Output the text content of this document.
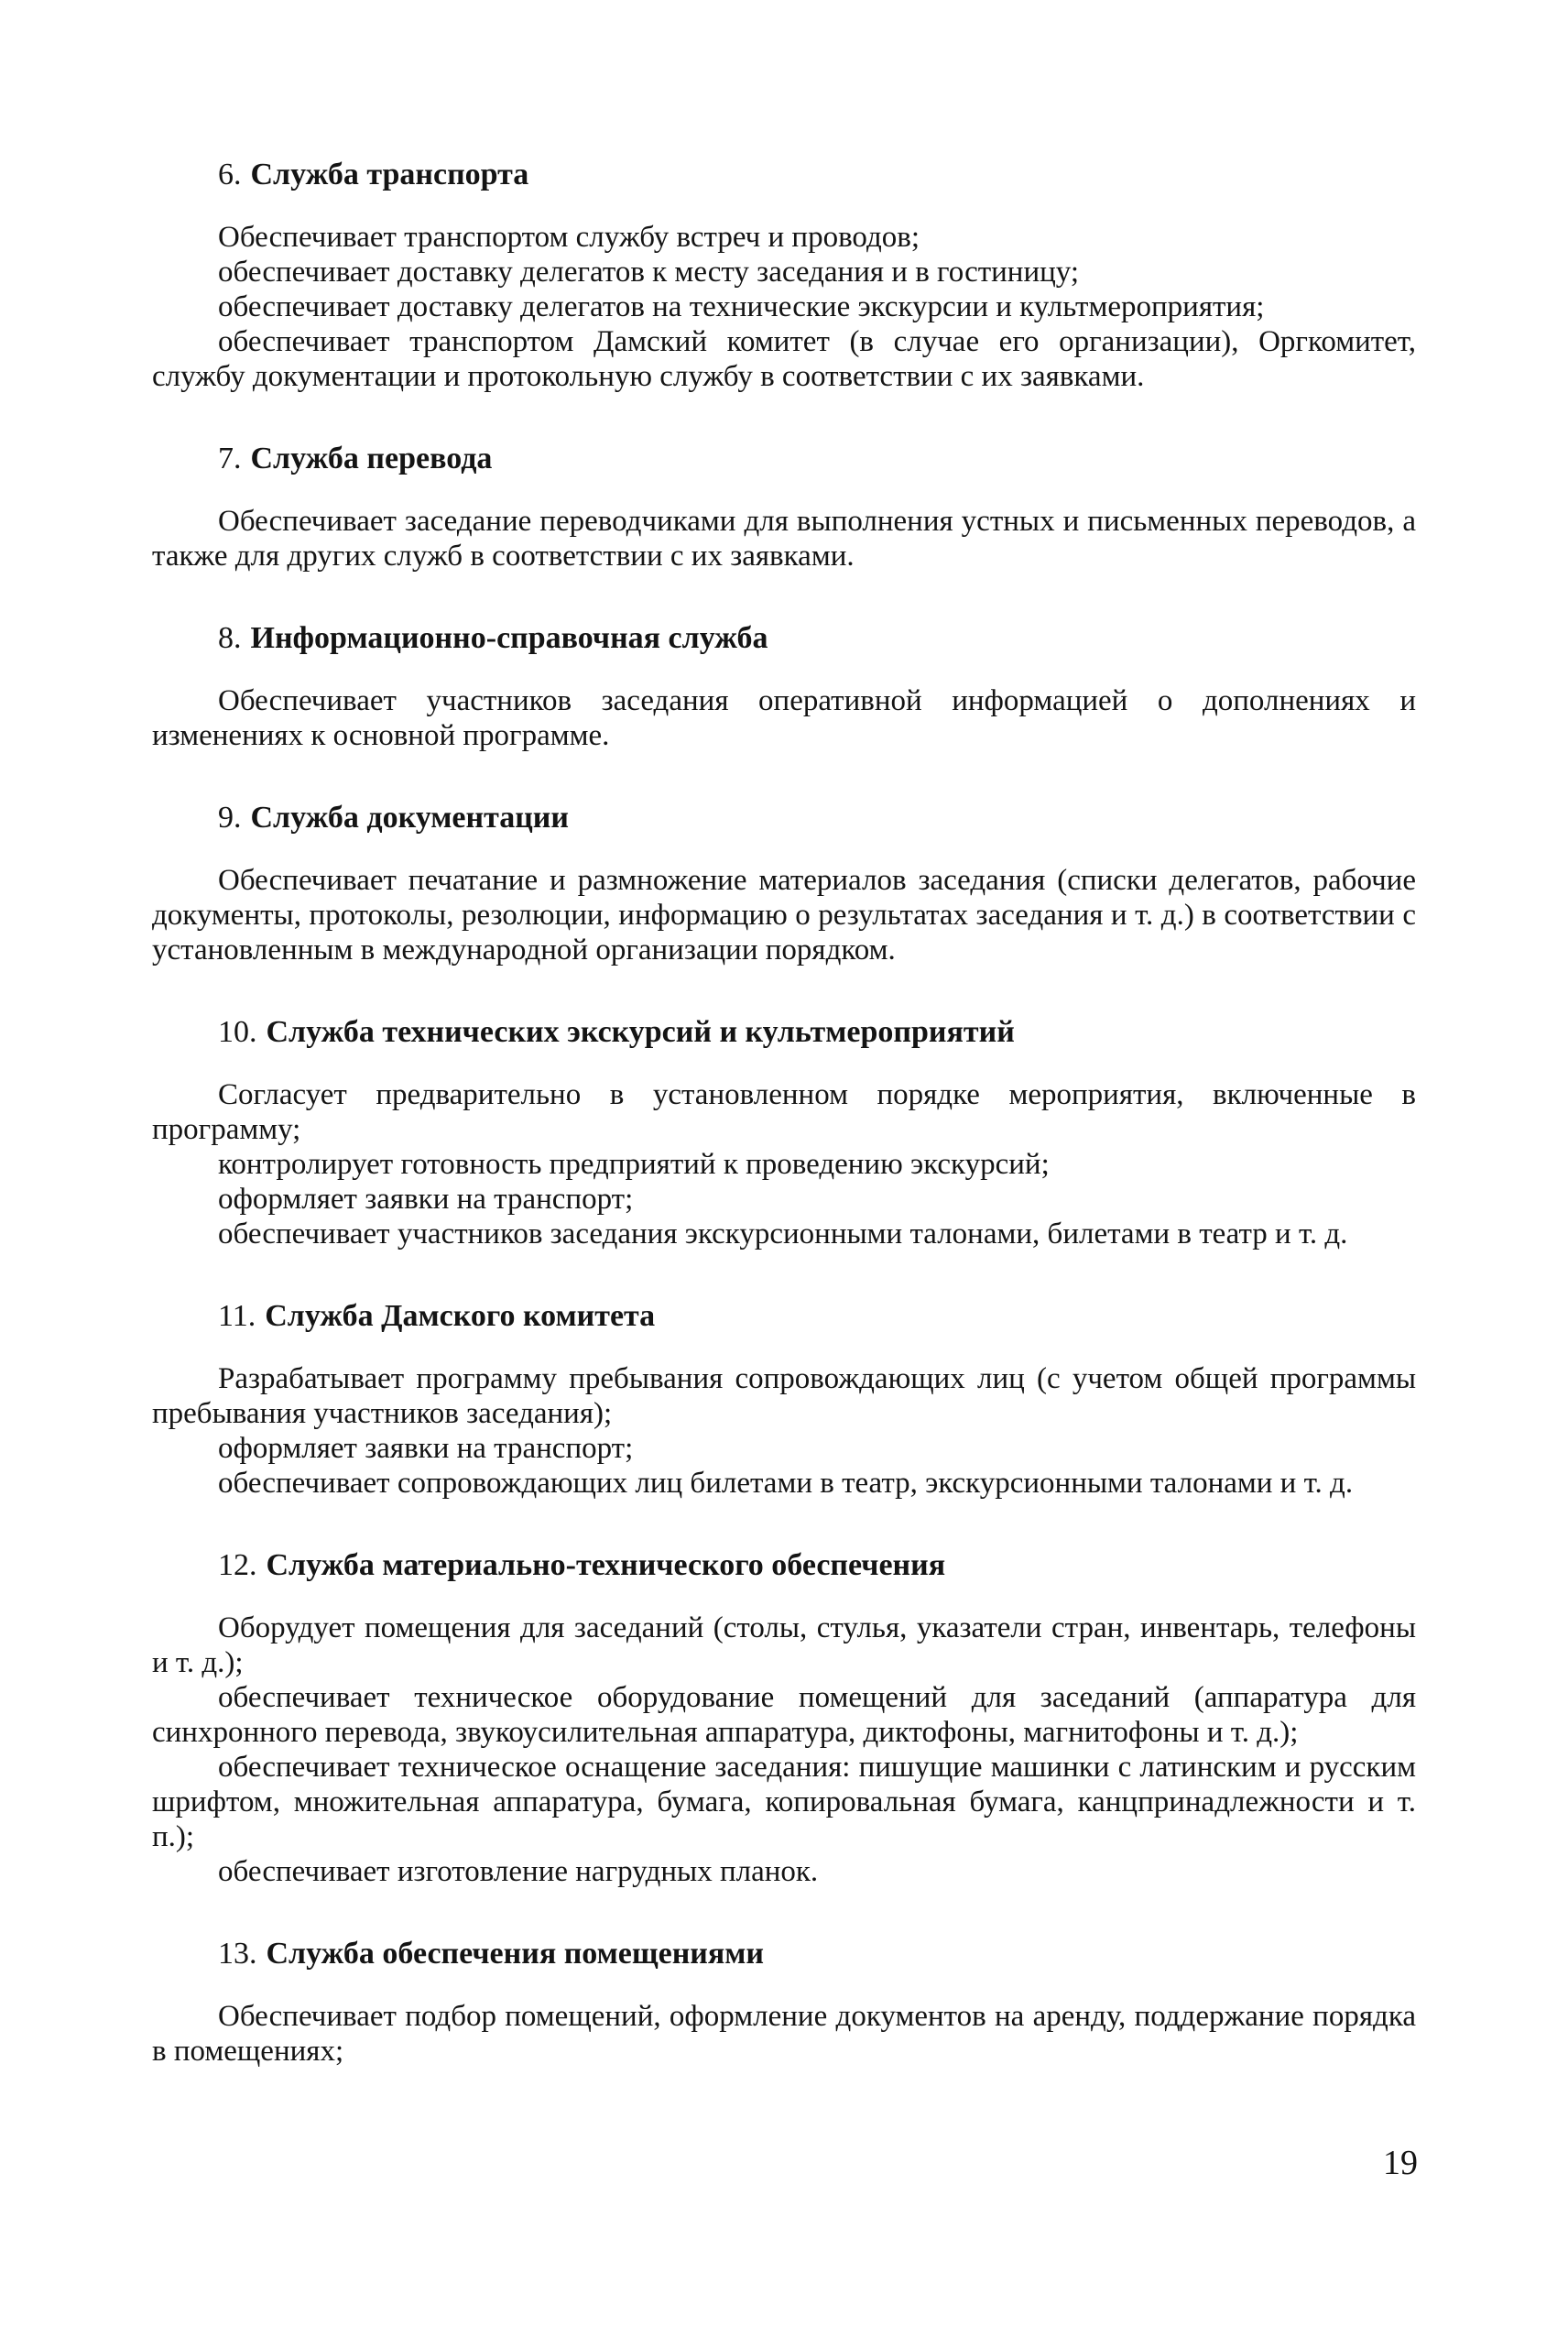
6. Служба транспорта

Обеспечивает транспортом службу встреч и проводов;

обеспечивает доставку делегатов к месту заседания и в гостиницу;

обеспечивает доставку делегатов на технические экскурсии и культмероприятия;

обеспечивает транспортом Дамский комитет (в случае его организации), Оргкомитет, службу документации и протокольную службу в соответствии с их заявками.

7. Служба перевода

Обеспечивает заседание переводчиками для выполнения устных и письменных переводов, а также для других служб в соответствии с их заявками.

8. Информационно-справочная служба

Обеспечивает участников заседания оперативной информацией о дополнениях и изменениях к основной программе.

9. Служба документации

Обеспечивает печатание и размножение материалов заседания (списки делегатов, рабочие документы, протоколы, резолюции, информацию о результатах заседания и т. д.) в соответствии с установленным в международной организации порядком.

10. Служба технических экскурсий и культмероприятий

Согласует предварительно в установленном порядке мероприятия, включенные в программу;

контролирует готовность предприятий к проведению экскурсий;

оформляет заявки на транспорт;

обеспечивает участников заседания экскурсионными талонами, билетами в театр и т. д.

11. Служба Дамского комитета

Разрабатывает программу пребывания сопровождающих лиц (с учетом общей программы пребывания участников заседания);

оформляет заявки на транспорт;

обеспечивает сопровождающих лиц билетами в театр, экскурсионными талонами и т. д.

12. Служба материально-технического обеспечения

Оборудует помещения для заседаний (столы, стулья, указатели стран, инвентарь, телефоны и т. д.);

обеспечивает техническое оборудование помещений для заседаний (аппаратура для синхронного перевода, звукоусилительная аппаратура, диктофоны, магнитофоны и т. д.);

обеспечивает техническое оснащение заседания: пишущие машинки с латинским и русским шрифтом, множительная аппаратура, бумага, копировальная бумага, канцпринадлежности и т. п.);

обеспечивает изготовление нагрудных планок.

13. Служба обеспечения помещениями

Обеспечивает подбор помещений, оформление документов на аренду, поддержание порядка в помещениях;

19
